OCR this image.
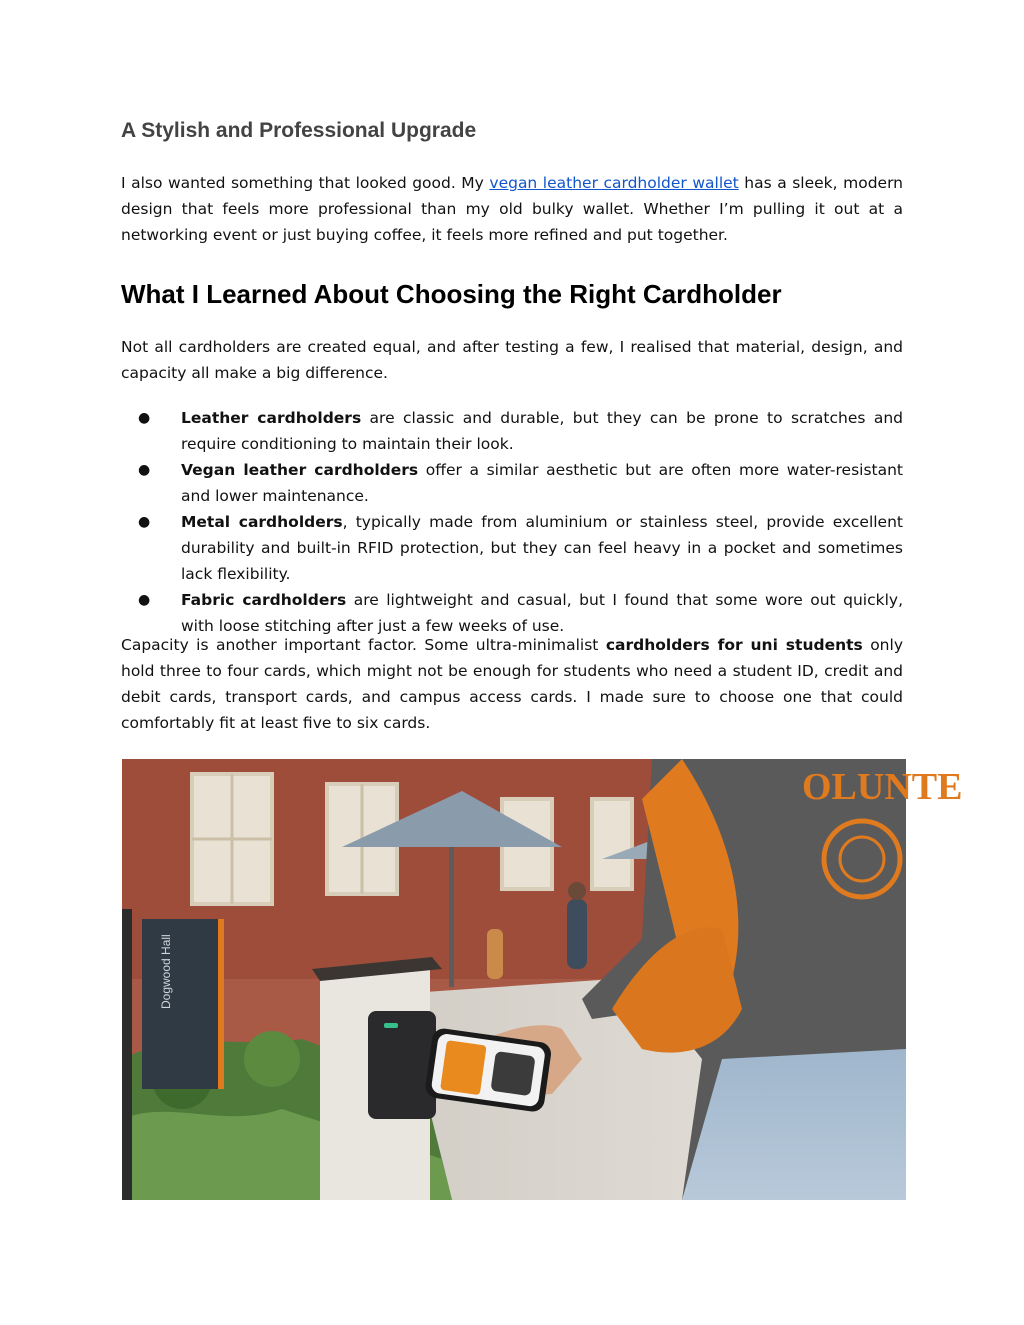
A Stylish and Professional Upgrade

I also wanted something that looked good. My vegan leather cardholder wallet has a sleek, modern design that feels more professional than my old bulky wallet. Whether I’m pulling it out at a networking event or just buying coffee, it feels more refined and put together.

What I Learned About Choosing the Right Cardholder

Not all cardholders are created equal, and after testing a few, I realised that material, design, and capacity all make a big difference.

● Leather cardholders are classic and durable, but they can be prone to scratches and require conditioning to maintain their look.
● Vegan leather cardholders offer a similar aesthetic but are often more water-resistant and lower maintenance.
● Metal cardholders, typically made from aluminium or stainless steel, provide excellent durability and built-in RFID protection, but they can feel heavy in a pocket and sometimes lack flexibility.
● Fabric cardholders are lightweight and casual, but I found that some wore out quickly, with loose stitching after just a few weeks of use.

Capacity is another important factor. Some ultra-minimalist cardholders for uni students only hold three to four cards, which might not be enough for students who need a student ID, credit and debit cards, transport cards, and campus access cards. I made sure to choose one that could comfortably fit at least five to six cards.

Dogwood Hall
OLUNTE
